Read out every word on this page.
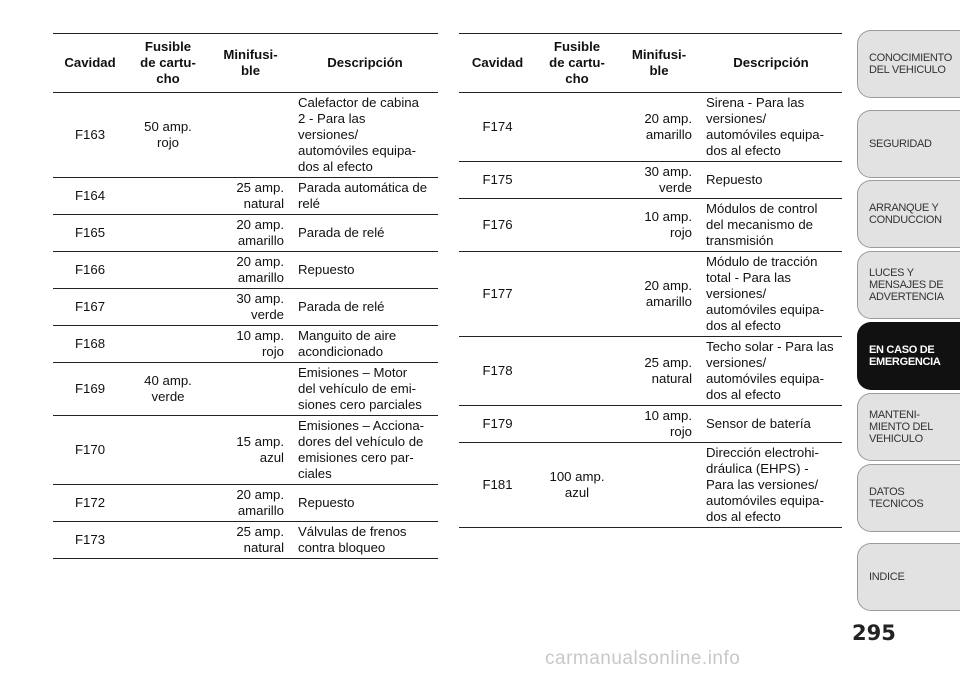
Cavidad	Fusible
de cartu-
cho	Minifusi-
ble	Descripción

F163	50 amp.
rojo		Calefactor de cabina
2 - Para las
versiones/
automóviles equipa-
dos al efecto

F164		25 amp.
natural	Parada automática de
relé

F165		20 amp.
amarillo	Parada de relé

F166		20 amp.
amarillo	Repuesto

F167		30 amp.
verde	Parada de relé

F168		10 amp.
rojo	Manguito de aire
acondicionado

F169	40 amp.
verde		Emisiones – Motor
del vehículo de emi-
siones cero parciales

F170		15 amp.
azul	Emisiones – Acciona-
dores del vehículo de
emisiones cero par-
ciales

F172		20 amp.
amarillo	Repuesto

F173		25 amp.
natural	Válvulas de frenos
contra bloqueo
Cavidad	Fusible
de cartu-
cho	Minifusi-
ble	Descripción

F174		20 amp.
amarillo	Sirena - Para las
versiones/
automóviles equipa-
dos al efecto

F175		30 amp.
verde	Repuesto

F176		10 amp.
rojo	Módulos de control
del mecanismo de
transmisión

F177		20 amp.
amarillo	Módulo de tracción
total - Para las
versiones/
automóviles equipa-
dos al efecto

F178		25 amp.
natural	Techo solar - Para las
versiones/
automóviles equipa-
dos al efecto

F179		10 amp.
rojo	Sensor de batería

F181	100 amp.
azul		Dirección electrohi-
dráulica (EHPS) -
Para las versiones/
automóviles equipa-
dos al efecto
CONOCIMIENTO
DEL VEHICULO
SEGURIDAD
ARRANQUE Y
CONDUCCION
LUCES Y
MENSAJES DE
ADVERTENCIA
EN CASO DE
EMERGENCIA
MANTENI-
MIENTO DEL
VEHICULO
DATOS
TECNICOS
INDICE
295
carmanualsonline.info
